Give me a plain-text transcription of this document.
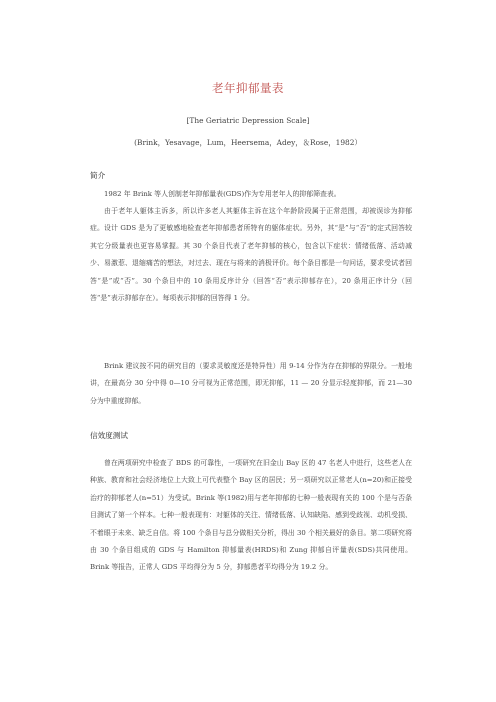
老年抑郁量表
[The Geriatric Depression Scale]
(Brink，Yesavage，Lum，Heersema，Adey，＆Rose，1982）
简介

1982 年 Brink 等人创制老年抑郁量表(GDS)作为专用老年人的抑郁筛查表。

由于老年人躯体主诉多，所以许多老人其躯体主诉在这个年龄阶段属于正常范围，却被误诊为抑郁症。设计 GDS 是为了更敏感地检查老年抑郁患者所特有的躯体症状。另外，其“是”与“否”的定式回答较其它分级量表也更容易掌握。其 30 个条目代表了老年抑郁的核心，包含以下症状：情绪低落、活动减少、易激惹、退缩痛苦的想法，对过去、现在与将来的消极评价。每个条目都是一句问话，要求受试者回答“是”或“否”。30 个条目中的 10 条用反序计分（回答“否”表示抑郁存在），20 条用正序计分（回答“是”表示抑郁存在）。每项表示抑郁的回答得 1 分。

Brink 建议按不同的研究目的（要求灵敏度还是特异性）用 9-14 分作为存在抑郁的界限分。一般地讲，在最高分 30 分中得 0—10 分可视为正常范围，即无抑郁，11 — 20 分显示轻度抑郁，而 21—30 分为中重度抑郁。

信效度测试

曾在两项研究中检查了 BDS 的可靠性，一项研究在旧金山 Bay 区的 47 名老人中进行，这些老人在种族、教育和社会经济地位上大致上可代表整个 Bay 区的居民；另一项研究以正常老人(n=20)和正接受治疗的抑郁老人(n=51）为受试。Brink 等(1982)用与老年抑郁的七种一般表现有关的 100 个是与否条目测试了第一个样本。七种一般表现有：对躯体的关注、情绪低落、认知缺陷、感到受歧视、动机受损、不着眼于未来、缺乏自信。将 100 个条目与总分做相关分析，得出 30 个相关最好的条目。第二项研究将由 30 个条目组成的 GDS 与 Hamilton 抑郁量表(HRDS)和 Zung 抑郁自评量表(SDS)共同使用。Brink 等报告，正常人 GDS 平均得分为 5 分，抑郁患者平均得分为 19.2 分。
